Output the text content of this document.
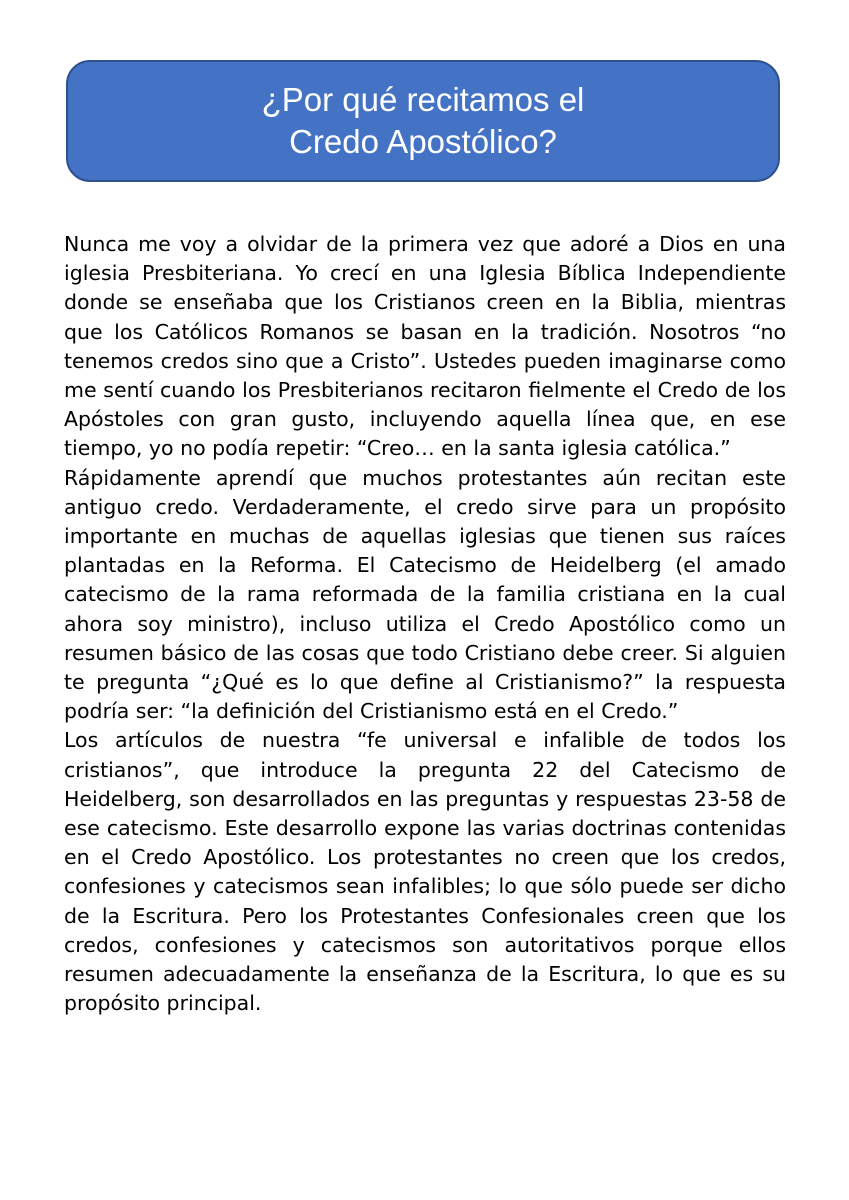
¿Por qué recitamos el
Credo Apostólico?

Nunca me voy a olvidar de la primera vez que adoré a Dios en una iglesia Presbiteriana. Yo crecí en una Iglesia Bíblica Independiente donde se enseñaba que los Cristianos creen en la Biblia, mientras que los Católicos Romanos se basan en la tradición. Nosotros “no tenemos credos sino que a Cristo”. Ustedes pueden imaginarse como me sentí cuando los Presbiterianos recitaron fielmente el Credo de los Apóstoles con gran gusto, incluyendo aquella línea que, en ese tiempo, yo no podía repetir: “Creo… en la santa iglesia católica.”

Rápidamente aprendí que muchos protestantes aún recitan este antiguo credo. Verdaderamente, el credo sirve para un propósito importante en muchas de aquellas iglesias que tienen sus raíces plantadas en la Reforma. El Catecismo de Heidelberg (el amado catecismo de la rama reformada de la familia cristiana en la cual ahora soy ministro), incluso utiliza el Credo Apostólico como un resumen básico de las cosas que todo Cristiano debe creer. Si alguien te pregunta “¿Qué es lo que define al Cristianismo?” la respuesta podría ser: “la definición del Cristianismo está en el Credo.”

Los artículos de nuestra “fe universal e infalible de todos los cristianos”, que introduce la pregunta 22 del Catecismo de Heidelberg, son desarrollados en las preguntas y respuestas 23-58 de ese catecismo. Este desarrollo expone las varias doctrinas contenidas en el Credo Apostólico. Los protestantes no creen que los credos, confesiones y catecismos sean infalibles; lo que sólo puede ser dicho de la Escritura. Pero los Protestantes Confesionales creen que los credos, confesiones y catecismos son autoritativos porque ellos resumen adecuadamente la enseñanza de la Escritura, lo que es su propósito principal.
